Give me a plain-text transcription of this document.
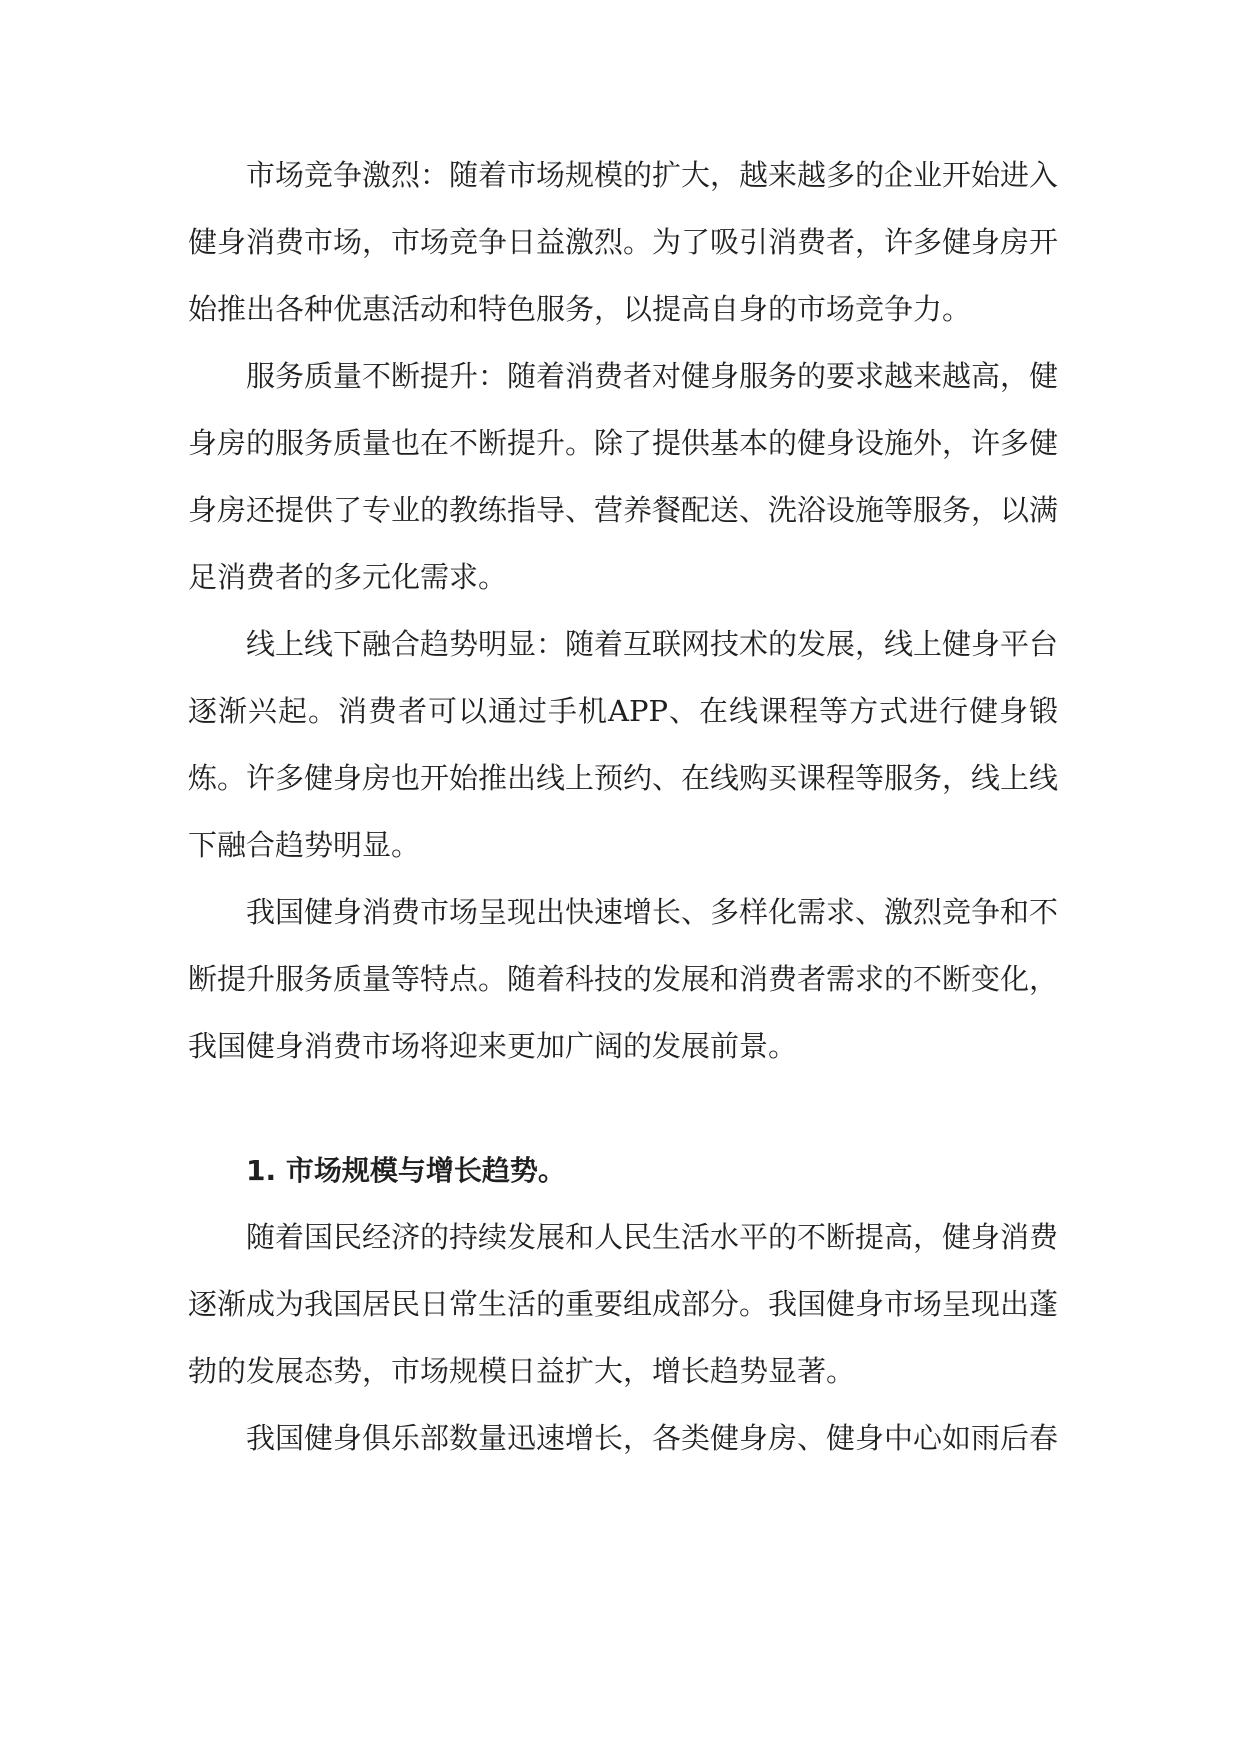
市场竞争激烈：随着市场规模的扩大，越来越多的企业开始进入健身消费市场，市场竞争日益激烈。为了吸引消费者，许多健身房开始推出各种优惠活动和特色服务，以提高自身的市场竞争力。

服务质量不断提升：随着消费者对健身服务的要求越来越高，健身房的服务质量也在不断提升。除了提供基本的健身设施外，许多健身房还提供了专业的教练指导、营养餐配送、洗浴设施等服务，以满足消费者的多元化需求。

线上线下融合趋势明显：随着互联网技术的发展，线上健身平台逐渐兴起。消费者可以通过手机APP、在线课程等方式进行健身锻炼。许多健身房也开始推出线上预约、在线购买课程等服务，线上线下融合趋势明显。

我国健身消费市场呈现出快速增长、多样化需求、激烈竞争和不断提升服务质量等特点。随着科技的发展和消费者需求的不断变化，我国健身消费市场将迎来更加广阔的发展前景。

1. 市场规模与增长趋势。

随着国民经济的持续发展和人民生活水平的不断提高，健身消费逐渐成为我国居民日常生活的重要组成部分。我国健身市场呈现出蓬勃的发展态势，市场规模日益扩大，增长趋势显著。

我国健身俱乐部数量迅速增长，各类健身房、健身中心如雨后春
